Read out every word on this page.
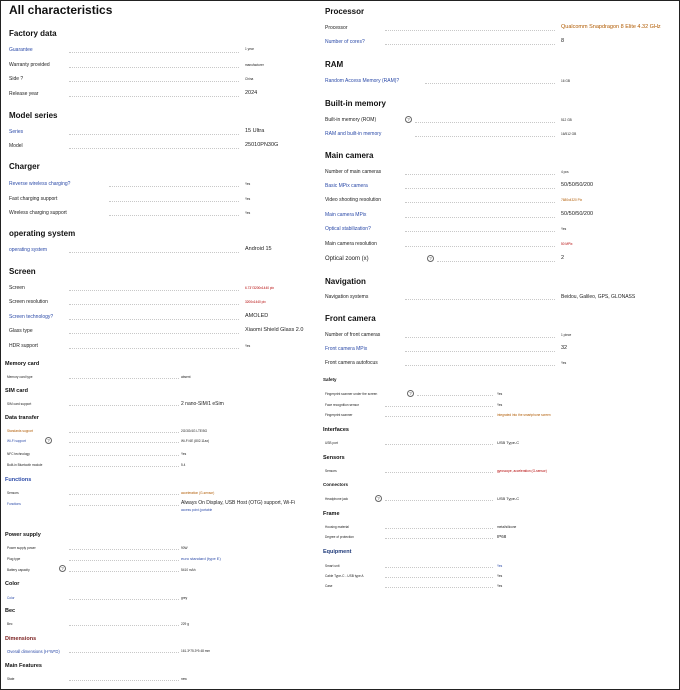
All characteristics
Factory data
Guarantee	1 year
Warranty provided	manufacturer
Side ?	China
Release year	2024
Model series
Series	15 Ultra
Model	25010PN30G
Charger
Reverse wireless charging?	Yes
Fast charging support	Yes
Wireless charging support	Yes
operating system
operating system	Android 15
Screen
Screen	6.73"/3200x1440 pix
Screen resolution	3200x1440 pix
Screen technology?	AMOLED
Glass type	Xiaomi Shield Glass 2.0
HDR support	Yes
Memory card
Memory card type	absent
SIM card
SIM card support	2 nano-SIM/1 eSim
Data transfer
Standards support	2G/3G/4G LTE/5G
Wi-Fi support	?	Wi-Fi 6E (802.11ax)
NFC technology	Yes
Built-in Bluetooth module	5.4
Functions
Sensors	acceleration (G-sensor)
Functions	Always On Display, USB Host (OTG) support, Wi-Fi
access point (portable
Power supply
Power supply power	90W
Plug type	euro standard (type E)
Battery capacity	?	5410 mAh
Color
Color	grey
Bec
Bec	229 g
Dimensions
Overall dimensions (H*W*D)	161.3*75.3*9.48 mm
Main Features
State	new
Processor
Processor	Qualcomm Snapdragon 8 Elite 4.32 GHz
Number of cores?	8
RAM
Random Access Memory (RAM)?	16 GB
Built-in memory
Built-in memory (ROM)	?	512 GB
RAM and built-in memory	16/512 GB
Main camera
Number of main cameras	4 pcs
Basic MPix camera	50/50/50/200
Video shooting resolution	7680x4320 Pix
Main camera MPix	50/50/50/200
Optical stabilization?	Yes
Main camera resolution	50 MPix
Optical zoom (x)	?	2
Navigation
Navigation systems	Beidou, Galileo, GPS, GLONASS
Front camera
Number of front cameras	1 piece
Front camera MPix	32
Front camera autofocus	Yes
Safety
Fingerprint scanner under the screen	?	Yes
Face recognition sensor	Yes
Fingerprint scanner	integrated into the smartphone screen
Interfaces
USB port	USB Type-C
Sensors
Sensors	gyroscope, acceleration (G-sensor)
Connectors
Headphone jack	?	USB Type-C
Frame
Housing material	metal/silicone
Degree of protection	IP68
Equipment
Smart unit	Yes
Cable Type-C - USB type A	Yes
Case	Yes
